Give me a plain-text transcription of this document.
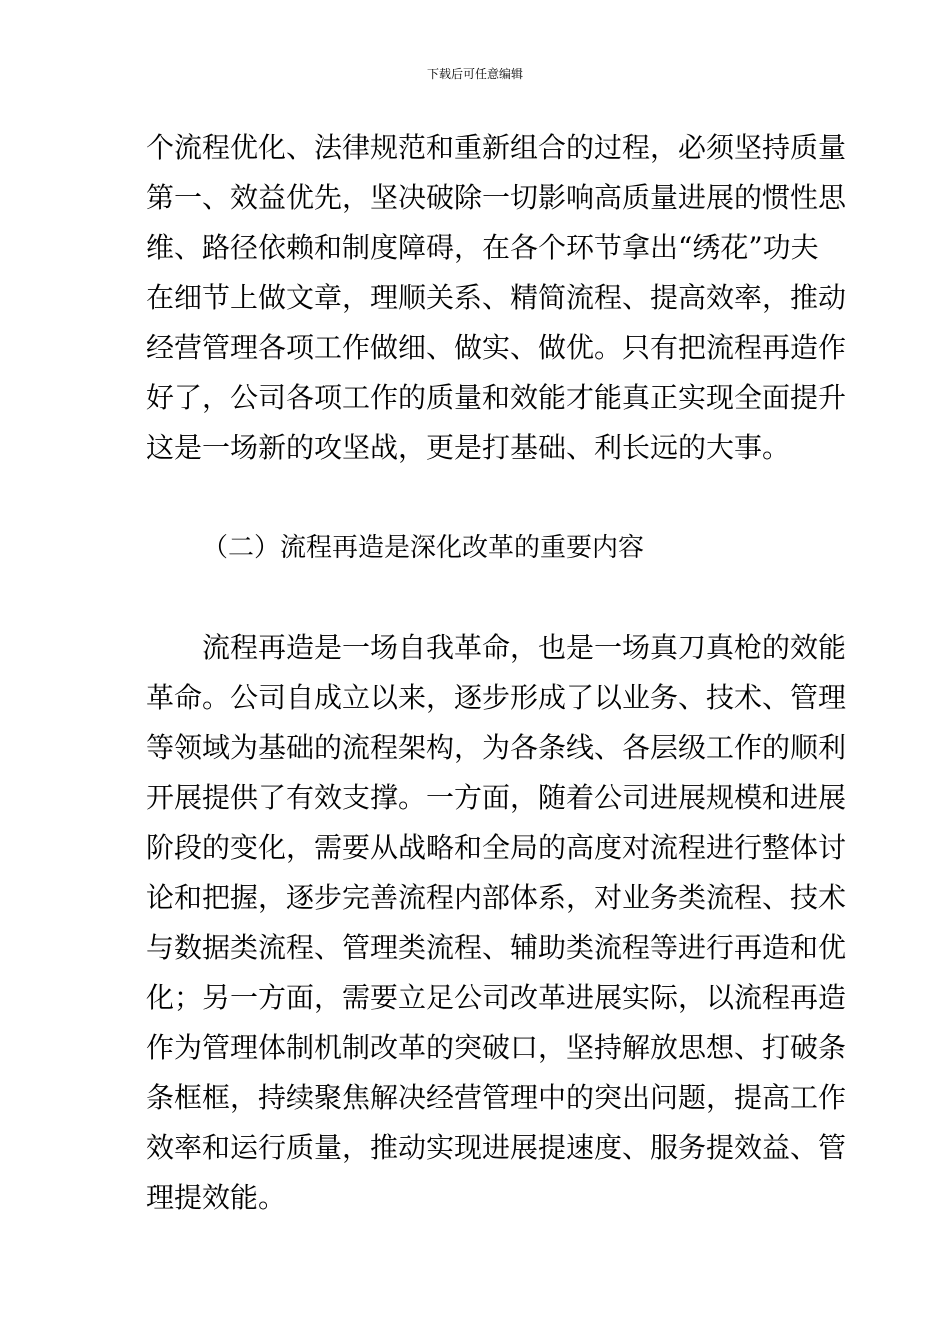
下载后可任意编辑
个流程优化、法律规范和重新组合的过程，必须坚持质量
第一、效益优先，坚决破除一切影响高质量进展的惯性思
维、路径依赖和制度障碍，在各个环节拿出“绣花”功夫
在细节上做文章，理顺关系、精简流程、提高效率，推动
经营管理各项工作做细、做实、做优。只有把流程再造作
好了，公司各项工作的质量和效能才能真正实现全面提升
这是一场新的攻坚战，更是打基础、利长远的大事。
（二）流程再造是深化改革的重要内容
流程再造是一场自我革命，也是一场真刀真枪的效能
革命。公司自成立以来，逐步形成了以业务、技术、管理
等领域为基础的流程架构，为各条线、各层级工作的顺利
开展提供了有效支撑。一方面，随着公司进展规模和进展
阶段的变化，需要从战略和全局的高度对流程进行整体讨
论和把握，逐步完善流程内部体系，对业务类流程、技术
与数据类流程、管理类流程、辅助类流程等进行再造和优
化；另一方面，需要立足公司改革进展实际，以流程再造
作为管理体制机制改革的突破口，坚持解放思想、打破条
条框框，持续聚焦解决经营管理中的突出问题，提高工作
效率和运行质量，推动实现进展提速度、服务提效益、管
理提效能。
